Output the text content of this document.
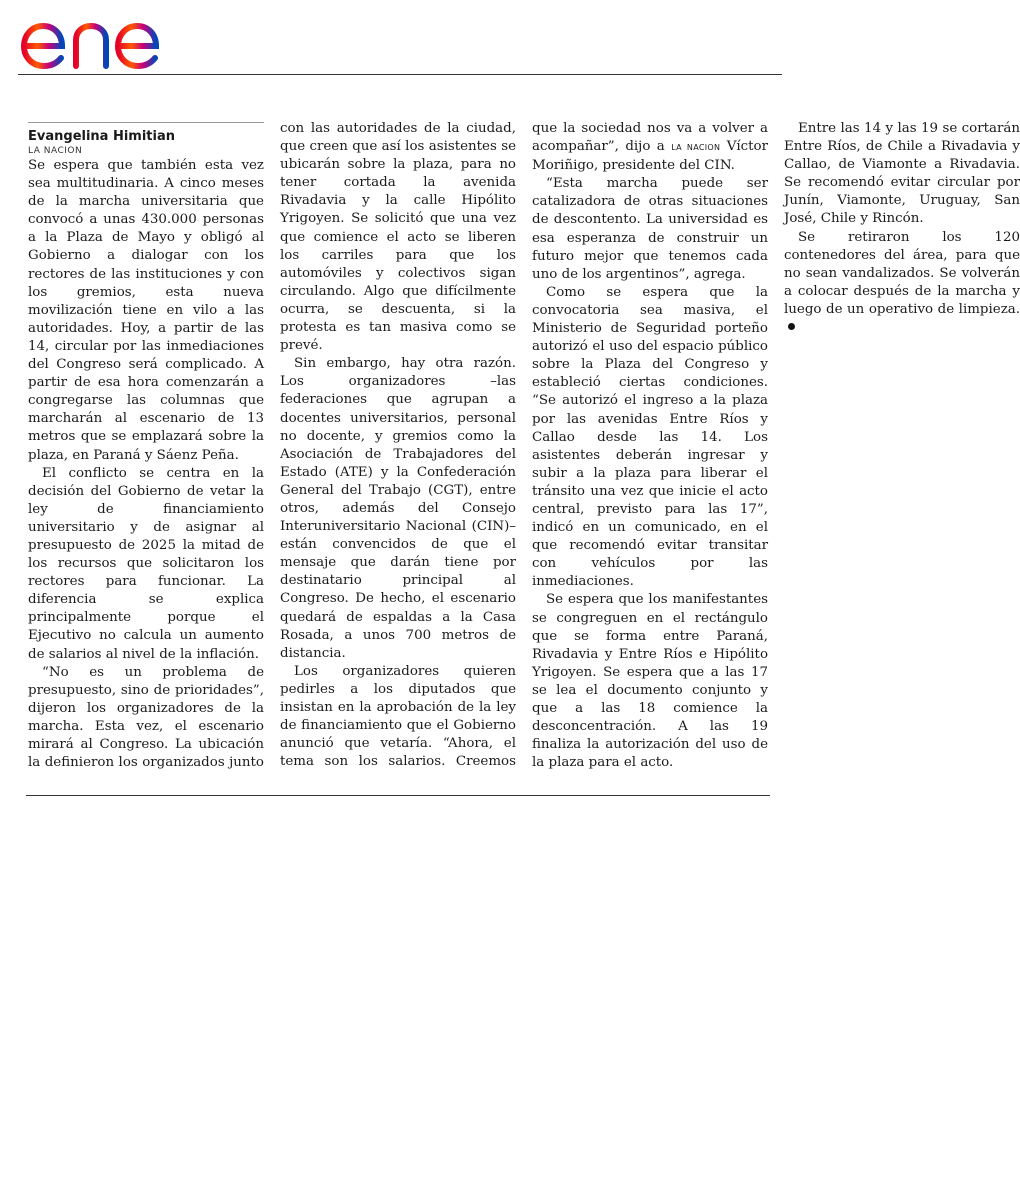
Evangelina Himitian

LA NACION

Se espera que también esta vez sea multitudinaria. A cinco meses de la marcha universitaria que convocó a unas 430.000 personas a la Plaza de Mayo y obligó al Gobierno a dialogar con los rectores de las instituciones y con los gremios, esta nueva movilización tiene en vilo a las autoridades. Hoy, a partir de las 14, circular por las inmediaciones del Congreso será complicado. A partir de esa hora comenzarán a congregarse las columnas que marcharán al escenario de 13 metros que se emplazará sobre la plaza, en Paraná y Sáenz Peña.

El conflicto se centra en la decisión del Gobierno de vetar la ley de financiamiento universitario y de asignar al presupuesto de 2025 la mitad de los recursos que solicitaron los rectores para funcionar. La diferencia se explica principalmente porque el Ejecutivo no calcula un aumento de salarios al nivel de la inflación.

“No es un problema de presupuesto, sino de prioridades”, dijeron los organizadores de la marcha. Esta vez, el escenario mirará al Congreso. La ubicación la definieron los organizados junto con las autoridades de la ciudad, que creen que así los asistentes se ubicarán sobre la plaza, para no tener cortada la avenida Rivadavia y la calle Hipólito Yrigoyen. Se solicitó que una vez que comience el acto se liberen los carriles para que los automóviles y colectivos sigan circulando. Algo que difícilmente ocurra, se descuenta, si la protesta es tan masiva como se prevé.

Sin embargo, hay otra razón. Los organizadores –las federaciones que agrupan a docentes universitarios, personal no docente, y gremios como la Asociación de Trabajadores del Estado (ATE) y la Confederación General del Trabajo (CGT), entre otros, además del Consejo Interuniversitario Nacional (CIN)– están convencidos de que el mensaje que darán tiene por destinatario principal al Congreso. De hecho, el escenario quedará de espaldas a la Casa Rosada, a unos 700 metros de distancia.

Los organizadores quieren pedirles a los diputados que insistan en la aprobación de la ley de financiamiento que el Gobierno anunció que vetaría. “Ahora, el tema son los salarios. Creemos que la sociedad nos va a volver a acompañar”, dijo a LA NACION Víctor Moriñigo, presidente del CIN.

“Esta marcha puede ser catalizadora de otras situaciones de descontento. La universidad es esa esperanza de construir un futuro mejor que tenemos cada uno de los argentinos”, agrega.

Como se espera que la convocatoria sea masiva, el Ministerio de Seguridad porteño autorizó el uso del espacio público sobre la Plaza del Congreso y estableció ciertas condiciones. “Se autorizó el ingreso a la plaza por las avenidas Entre Ríos y Callao desde las 14. Los asistentes deberán ingresar y subir a la plaza para liberar el tránsito una vez que inicie el acto central, previsto para las 17”, indicó en un comunicado, en el que recomendó evitar transitar con vehículos por las inmediaciones.

Se espera que los manifestantes se congreguen en el rectángulo que se forma entre Paraná, Rivadavia y Entre Ríos e Hipólito Yrigoyen. Se espera que a las 17 se lea el documento conjunto y que a las 18 comience la desconcentración. A las 19 finaliza la autorización del uso de la plaza para el acto.

Entre las 14 y las 19 se cortarán Entre Ríos, de Chile a Rivadavia y Callao, de Viamonte a Rivadavia. Se recomendó evitar circular por Junín, Viamonte, Uruguay, San José, Chile y Rincón.

Se retiraron los 120 contenedores del área, para que no sean vandalizados. Se volverán a colocar después de la marcha y luego de un operativo de limpieza.
